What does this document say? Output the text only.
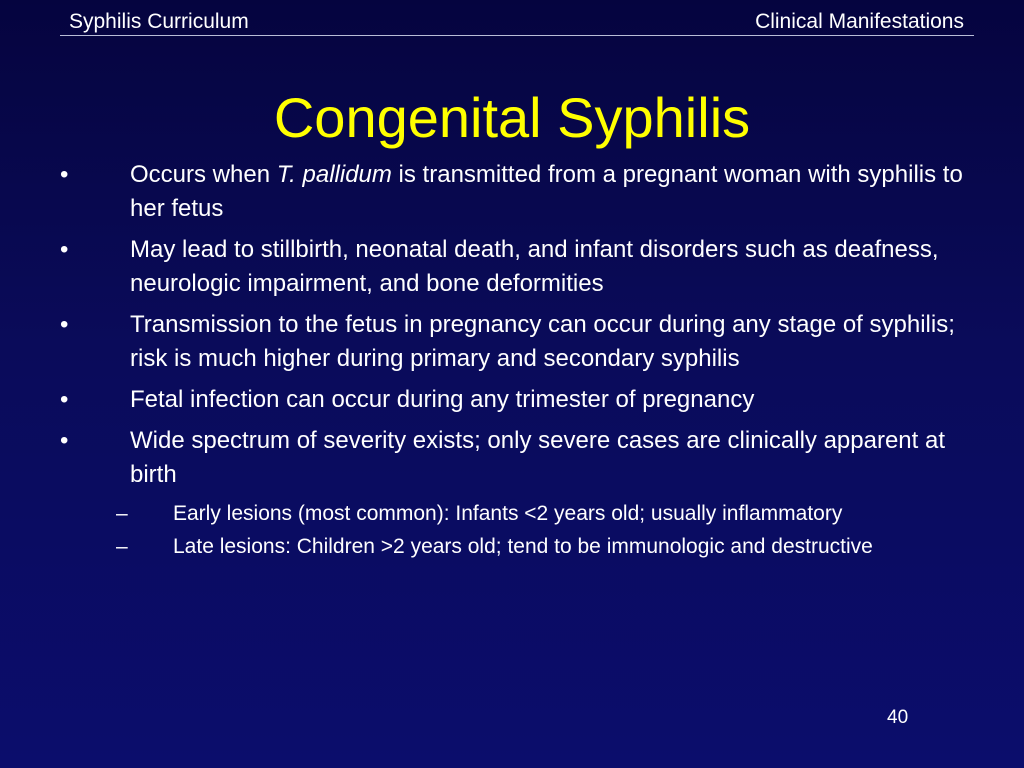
Syphilis Curriculum	Clinical Manifestations
Congenital Syphilis
•	Occurs when T. pallidum is transmitted from a pregnant woman with syphilis to her fetus
•	May lead to stillbirth, neonatal death, and infant disorders such as deafness, neurologic impairment, and bone deformities
•	Transmission to the fetus in pregnancy can occur during any stage of syphilis; risk is much higher during primary and secondary syphilis
•	Fetal infection can occur during any trimester of pregnancy
•	Wide spectrum of severity exists; only severe cases are clinically apparent at birth
– Early lesions (most common): Infants <2 years old; usually inflammatory
– Late lesions: Children >2 years old; tend to be immunologic and destructive
40
